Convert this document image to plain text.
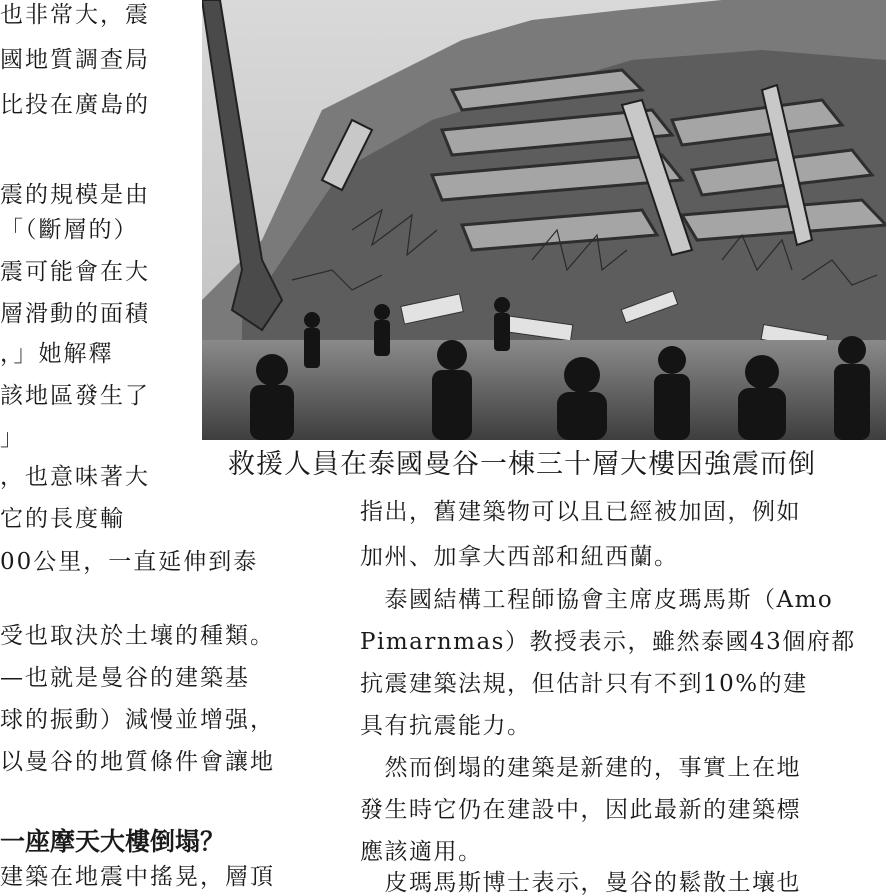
也非常大，震
國地質調查局
比投在廣島的
震的規模是由
「（斷層的）
震可能會在大
層滑動的面積
，」她解釋
該地區發生了
」
，也意味著大
它的長度輸
00公里，一直延伸到泰
受也取決於土壤的種類。
—也就是曼谷的建築基
球的振動）減慢並增强，
以曼谷的地質條件會讓地
一座摩天大樓倒塌？
建築在地震中搖晃，層頂
救援人員在泰國曼谷一棟三十層大樓因強震而倒
指出，舊建築物可以且已經被加固，例如
加州、加拿大西部和紐西蘭。
　泰國結構工程師協會主席皮瑪馬斯（Amo
Pimarnmas）教授表示，雖然泰國43個府都
抗震建築法規，但估計只有不到10%的建
具有抗震能力。
　然而倒塌的建築是新建的，事實上在地
發生時它仍在建設中，因此最新的建築標
應該適用。
　皮瑪馬斯博士表示，曼谷的鬆散土壤也
